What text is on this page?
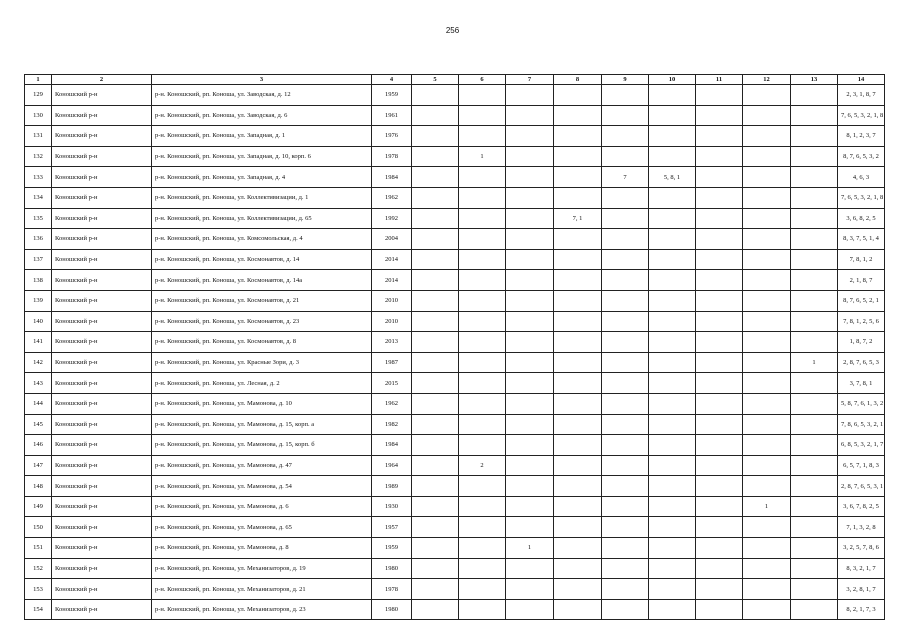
256
1	2	3	4	5	6	7	8	9	10	11	12	13	14
129	Коношский р-н	р-н. Коношский, рп. Коноша, ул. Заводская, д. 12	1959										2, 3, 1, 8, 7
130	Коношский р-н	р-н. Коношский, рп. Коноша, ул. Заводская, д. 6	1961										7, 6, 5, 3, 2, 1, 8
131	Коношский р-н	р-н. Коношский, рп. Коноша, ул. Западная, д. 1	1976										8, 1, 2, 3, 7
132	Коношский р-н	р-н. Коношский, рп. Коноша, ул. Западная, д. 10, корп. 6	1978		1								8, 7, 6, 5, 3, 2
133	Коношский р-н	р-н. Коношский, рп. Коноша, ул. Западная, д. 4	1984					7	5, 8, 1				4, 6, 3
134	Коношский р-н	р-н. Коношский, рп. Коноша, ул. Коллективизации, д. 1	1962										7, 6, 5, 3, 2, 1, 8
135	Коношский р-н	р-н. Коношский, рп. Коноша, ул. Коллективизации, д. 65	1992				7, 1						3, 6, 8, 2, 5
136	Коношский р-н	р-н. Коношский, рп. Коноша, ул. Комсомольская, д. 4	2004										8, 3, 7, 5, 1, 4
137	Коношский р-н	р-н. Коношский, рп. Коноша, ул. Космонавтов, д. 14	2014										7, 8, 1, 2
138	Коношский р-н	р-н. Коношский, рп. Коноша, ул. Космонавтов, д. 14а	2014										2, 1, 8, 7
139	Коношский р-н	р-н. Коношский, рп. Коноша, ул. Космонавтов, д. 21	2010										8, 7, 6, 5, 2, 1
140	Коношский р-н	р-н. Коношский, рп. Коноша, ул. Космонавтов, д. 23	2010										7, 8, 1, 2, 5, 6
141	Коношский р-н	р-н. Коношский, рп. Коноша, ул. Космонавтов, д. 8	2013										1, 8, 7, 2
142	Коношский р-н	р-н. Коношский, рп. Коноша, ул. Красные Зори, д. 3	1987									1	2, 8, 7, 6, 5, 3
143	Коношский р-н	р-н. Коношский, рп. Коноша, ул. Лесная, д. 2	2015										3, 7, 8, 1
144	Коношский р-н	р-н. Коношский, рп. Коноша, ул. Мамонова, д. 10	1962										5, 8, 7, 6, 1, 3, 2
145	Коношский р-н	р-н. Коношский, рп. Коноша, ул. Мамонова, д. 15, корп. а	1982										7, 8, 6, 5, 3, 2, 1
146	Коношский р-н	р-н. Коношский, рп. Коноша, ул. Мамонова, д. 15, корп. б	1984										6, 8, 5, 3, 2, 1, 7
147	Коношский р-н	р-н. Коношский, рп. Коноша, ул. Мамонова, д. 47	1964		2								6, 5, 7, 1, 8, 3
148	Коношский р-н	р-н. Коношский, рп. Коноша, ул. Мамонова, д. 54	1989										2, 8, 7, 6, 5, 3, 1
149	Коношский р-н	р-н. Коношский, рп. Коноша, ул. Мамонова, д. 6	1930								1		3, 6, 7, 8, 2, 5
150	Коношский р-н	р-н. Коношский, рп. Коноша, ул. Мамонова, д. 65	1957										7, 1, 3, 2, 8
151	Коношский р-н	р-н. Коношский, рп. Коноша, ул. Мамонова, д. 8	1959			1							3, 2, 5, 7, 8, 6
152	Коношский р-н	р-н. Коношский, рп. Коноша, ул. Механизаторов, д. 19	1980										8, 3, 2, 1, 7
153	Коношский р-н	р-н. Коношский, рп. Коноша, ул. Механизаторов, д. 21	1978										3, 2, 8, 1, 7
154	Коношский р-н	р-н. Коношский, рп. Коноша, ул. Механизаторов, д. 23	1980										8, 2, 1, 7, 3
